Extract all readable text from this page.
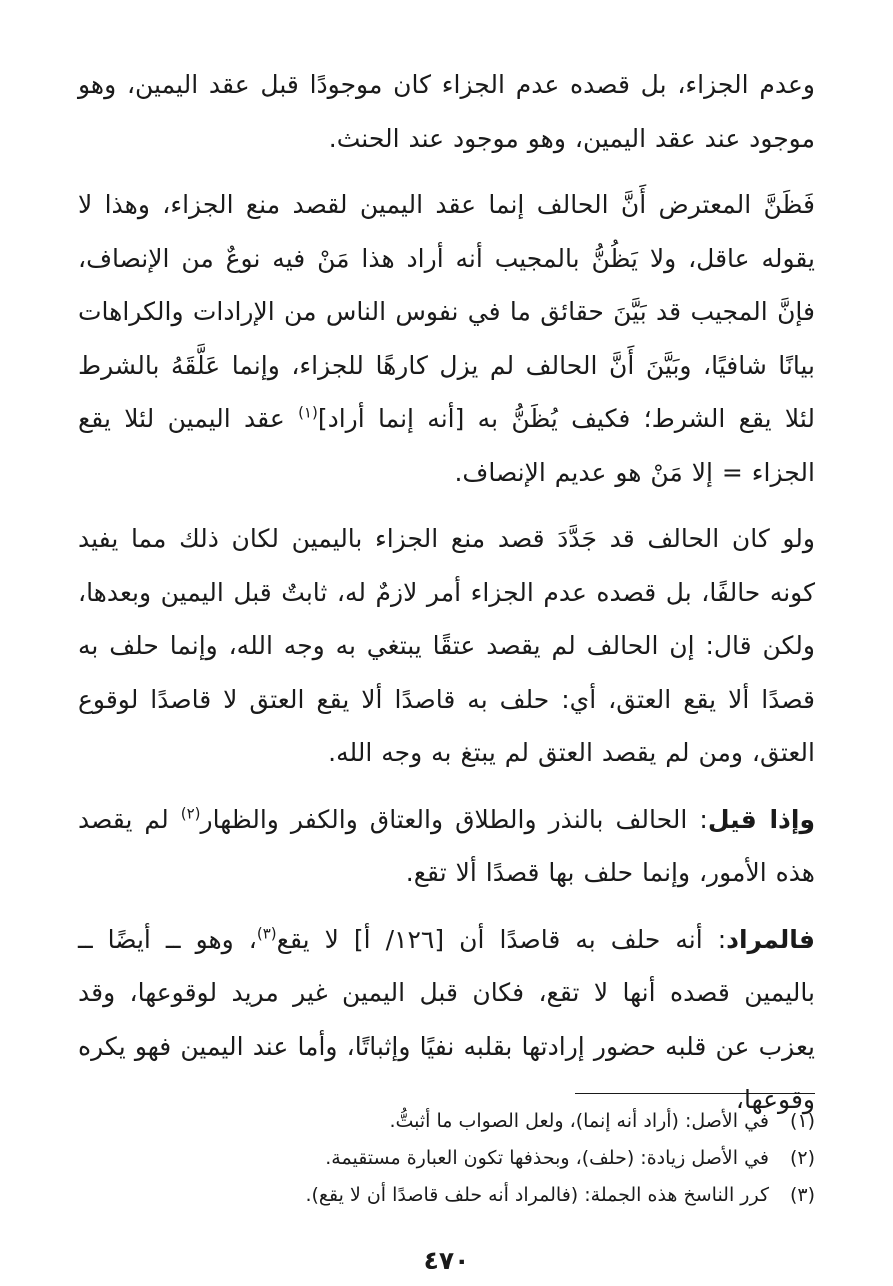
وعدم الجزاء، بل قصده عدم الجزاء كان موجودًا قبل عقد اليمين، وهو موجود عند عقد اليمين، وهو موجود عند الحنث.

فَظَنَّ المعترض أَنَّ الحالف إنما عقد اليمين لقصد منع الجزاء، وهذا لا يقوله عاقل، ولا يَظُنُّ بالمجيب أنه أراد هذا مَنْ فيه نوعٌ من الإنصاف، فإنَّ المجيب قد بَيَّنَ حقائق ما في نفوس الناس من الإرادات والكراهات بيانًا شافيًا، وبَيَّنَ أَنَّ الحالف لم يزل كارهًا للجزاء، وإنما عَلَّقَهُ بالشرط لئلا يقع الشرط؛ فكيف يُظَنُّ به [أنه إنما أراد]$^{(١)}$ عقد اليمين لئلا يقع الجزاء = إلا مَنْ هو عديم الإنصاف.

ولو كان الحالف قد جَدَّدَ قصد منع الجزاء باليمين لكان ذلك مما يفيد كونه حالفًا، بل قصده عدم الجزاء أمر لازمٌ له، ثابتٌ قبل اليمين وبعدها، ولكن قال: إن الحالف لم يقصد عتقًا يبتغي به وجه الله، وإنما حلف به قصدًا ألا يقع العتق، أي: حلف به قاصدًا ألا يقع العتق لا قاصدًا لوقوع العتق، ومن لم يقصد العتق لم يبتغ به وجه الله.

وإذا قيل: الحالف بالنذر والطلاق والعتاق والكفر والظهار$^{(٢)}$ لم يقصد هذه الأمور، وإنما حلف بها قصدًا ألا تقع.

فالمراد: أنه حلف به قاصدًا أن [١٢٦/ أ] لا يقع$^{(٣)}$، وهو ــ أيضًا ــ باليمين قصده أنها لا تقع، فكان قبل اليمين غير مريد لوقوعها، وقد يعزب عن قلبه حضور إرادتها بقلبه نفيًا وإثباتًا، وأما عند اليمين فهو يكره وقوعها،

(١)
في الأصل: (أراد أنه إنما)، ولعل الصواب ما أثبتُّ.
(٢)
في الأصل زيادة: (حلف)، وبحذفها تكون العبارة مستقيمة.
(٣)
كرر الناسخ هذه الجملة: (فالمراد أنه حلف قاصدًا أن لا يقع).
٤٧٠
